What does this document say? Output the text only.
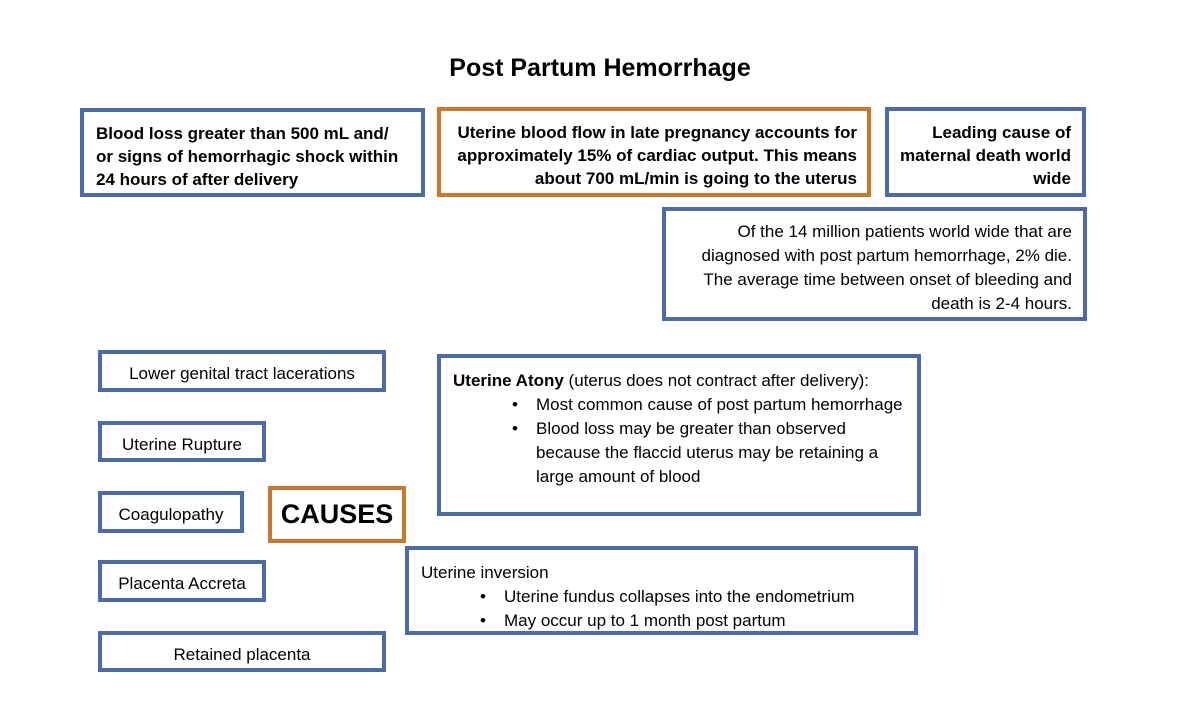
Post Partum Hemorrhage
Blood loss greater than 500 mL and/ or signs of hemorrhagic shock within 24 hours of after delivery
Uterine blood flow in late pregnancy accounts for approximately 15% of cardiac output. This means about 700 mL/min is going to the uterus
Leading cause of maternal death world wide
Of the 14 million patients world wide that are diagnosed with post partum hemorrhage, 2% die. The average time between onset of bleeding and death is 2-4 hours.
Lower genital tract lacerations
Uterine Rupture
Coagulopathy	CAUSES
Placenta Accreta
Retained placenta
Uterine Atony (uterus does not contract after delivery):
• Most common cause of post partum hemorrhage
• Blood loss may be greater than observed because the flaccid uterus may be retaining a large amount of blood
Uterine inversion
• Uterine fundus collapses into the endometrium
• May occur up to 1 month post partum
